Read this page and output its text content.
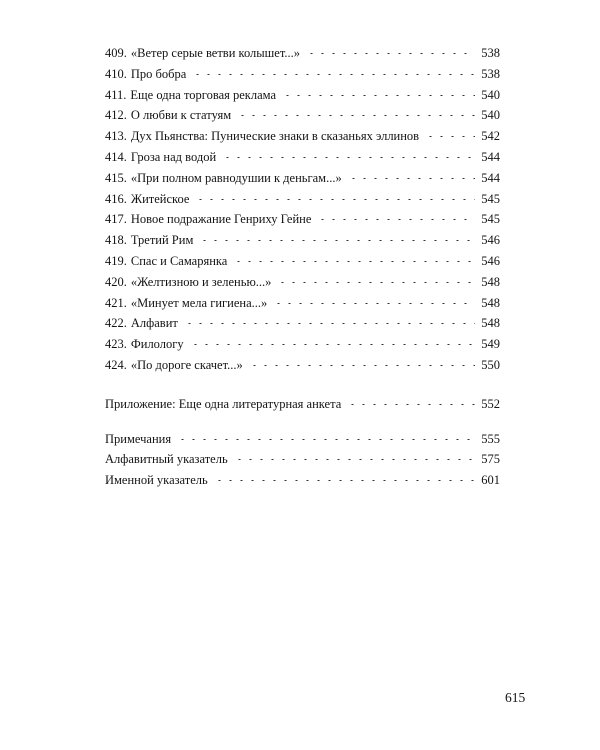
409. «Ветер серые ветви колышет...»	538
410. Про бобра	538
411. Еще одна торговая реклама	540
412. О любви к статуям	540
413. Дух Пьянства: Пунические знаки в сказаньях эллинов	542
414. Гроза над водой	544
415. «При полном равнодушии к деньгам...»	544
416. Житейское	545
417. Новое подражание Генриху Гейне	545
418. Третий Рим	546
419. Спас и Самарянка	546
420. «Желтизною и зеленью...»	548
421. «Минует мела гигиена...»	548
422. Алфавит	548
423. Филологу	549
424. «По дороге скачет...»	550
Приложение: Еще одна литературная анкета	552
Примечания	555
Алфавитный указатель	575
Именной указатель	601
615
